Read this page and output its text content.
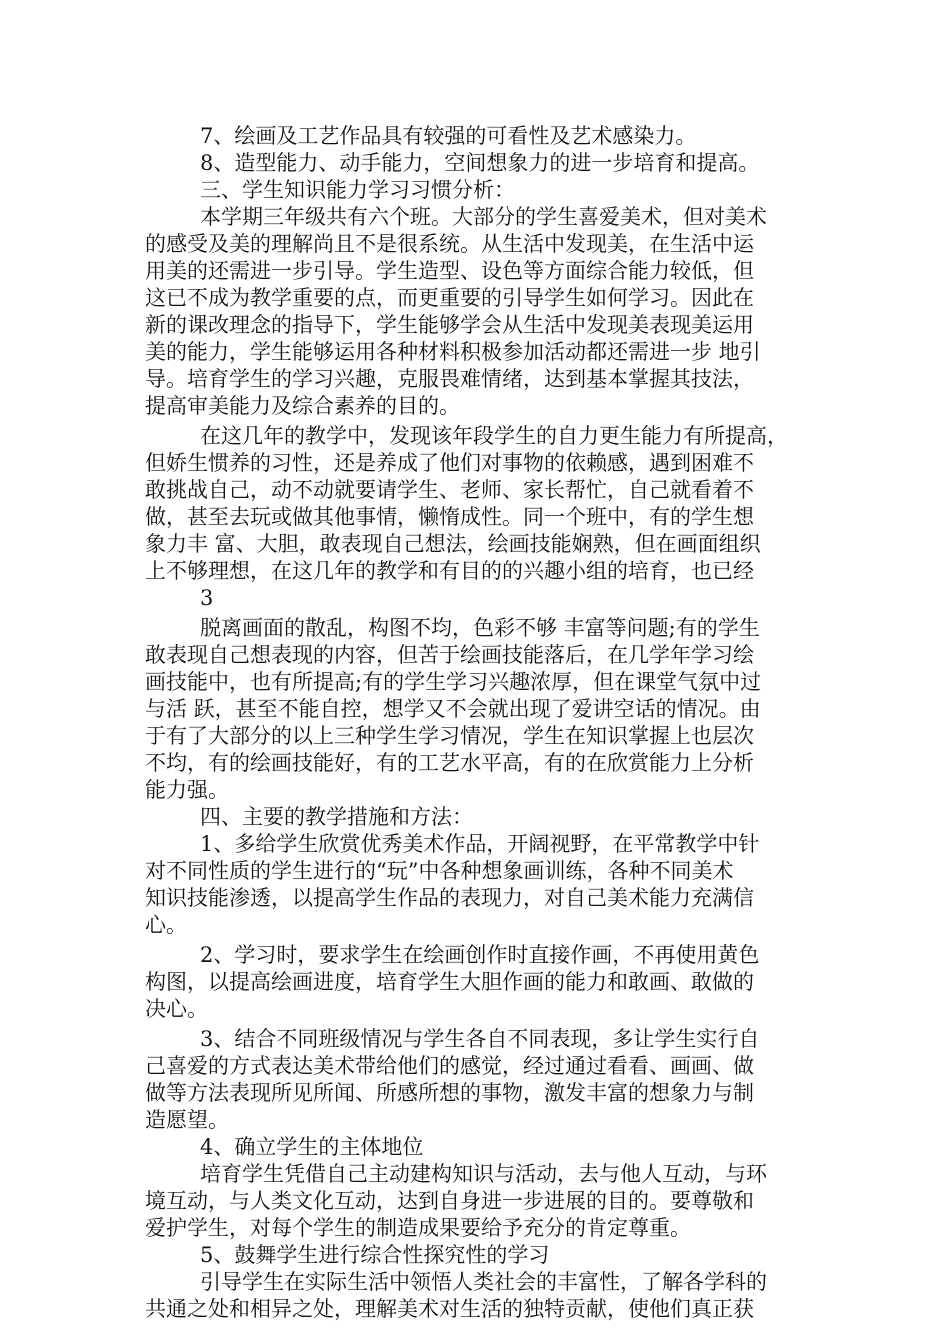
7、绘画及工艺作品具有较强的可看性及艺术感染力。
8、造型能力、动手能力，空间想象力的进一步培育和提高。
三、学生知识能力学习习惯分析：
本学期三年级共有六个班。大部分的学生喜爱美术，但对美术
的感受及美的理解尚且不是很系统。从生活中发现美，在生活中运
用美的还需进一步引导。学生造型、设色等方面综合能力较低，但
这已不成为教学重要的点，而更重要的引导学生如何学习。因此在
新的课改理念的指导下，学生能够学会从生活中发现美表现美运用
美的能力，学生能够运用各种材料积极参加活动都还需进一步 地引
导。培育学生的学习兴趣，克服畏难情绪，达到基本掌握其技法，
提高审美能力及综合素养的目的。
在这几年的教学中，发现该年段学生的自力更生能力有所提高，
但娇生惯养的习性，还是养成了他们对事物的依赖感，遇到困难不
敢挑战自己，动不动就要请学生、老师、家长帮忙，自己就看着不
做，甚至去玩或做其他事情，懒惰成性。同一个班中，有的学生想
象力丰 富、大胆，敢表现自己想法，绘画技能娴熟，但在画面组织
上不够理想，在这几年的教学和有目的的兴趣小组的培育，也已经
3
脱离画面的散乱，构图不均，色彩不够 丰富等问题;有的学生
敢表现自己想表现的内容，但苦于绘画技能落后，在几学年学习绘
画技能中，也有所提高;有的学生学习兴趣浓厚，但在课堂气氛中过
与活 跃，甚至不能自控，想学又不会就出现了爱讲空话的情况。由
于有了大部分的以上三种学生学习情况，学生在知识掌握上也层次
不均，有的绘画技能好，有的工艺水平高，有的在欣赏能力上分析
能力强。
四、主要的教学措施和方法：
1、多给学生欣赏优秀美术作品，开阔视野，在平常教学中针
对不同性质的学生进行的“玩”中各种想象画训练，各种不同美术
知识技能渗透，以提高学生作品的表现力，对自己美术能力充满信
心。
2、学习时，要求学生在绘画创作时直接作画，不再使用黄色
构图，以提高绘画进度，培育学生大胆作画的能力和敢画、敢做的
决心。
3、结合不同班级情况与学生各自不同表现，多让学生实行自
己喜爱的方式表达美术带给他们的感觉，经过通过看看、画画、做
做等方法表现所见所闻、所感所想的事物，激发丰富的想象力与制
造愿望。
4、确立学生的主体地位
培育学生凭借自己主动建构知识与活动，去与他人互动，与环
境互动，与人类文化互动，达到自身进一步进展的目的。要尊敬和
爱护学生，对每个学生的制造成果要给予充分的肯定尊重。
5、鼓舞学生进行综合性探究性的学习
引导学生在实际生活中领悟人类社会的丰富性，了解各学科的
共通之处和相异之处，理解美术对生活的独特贡献，使他们真正获
